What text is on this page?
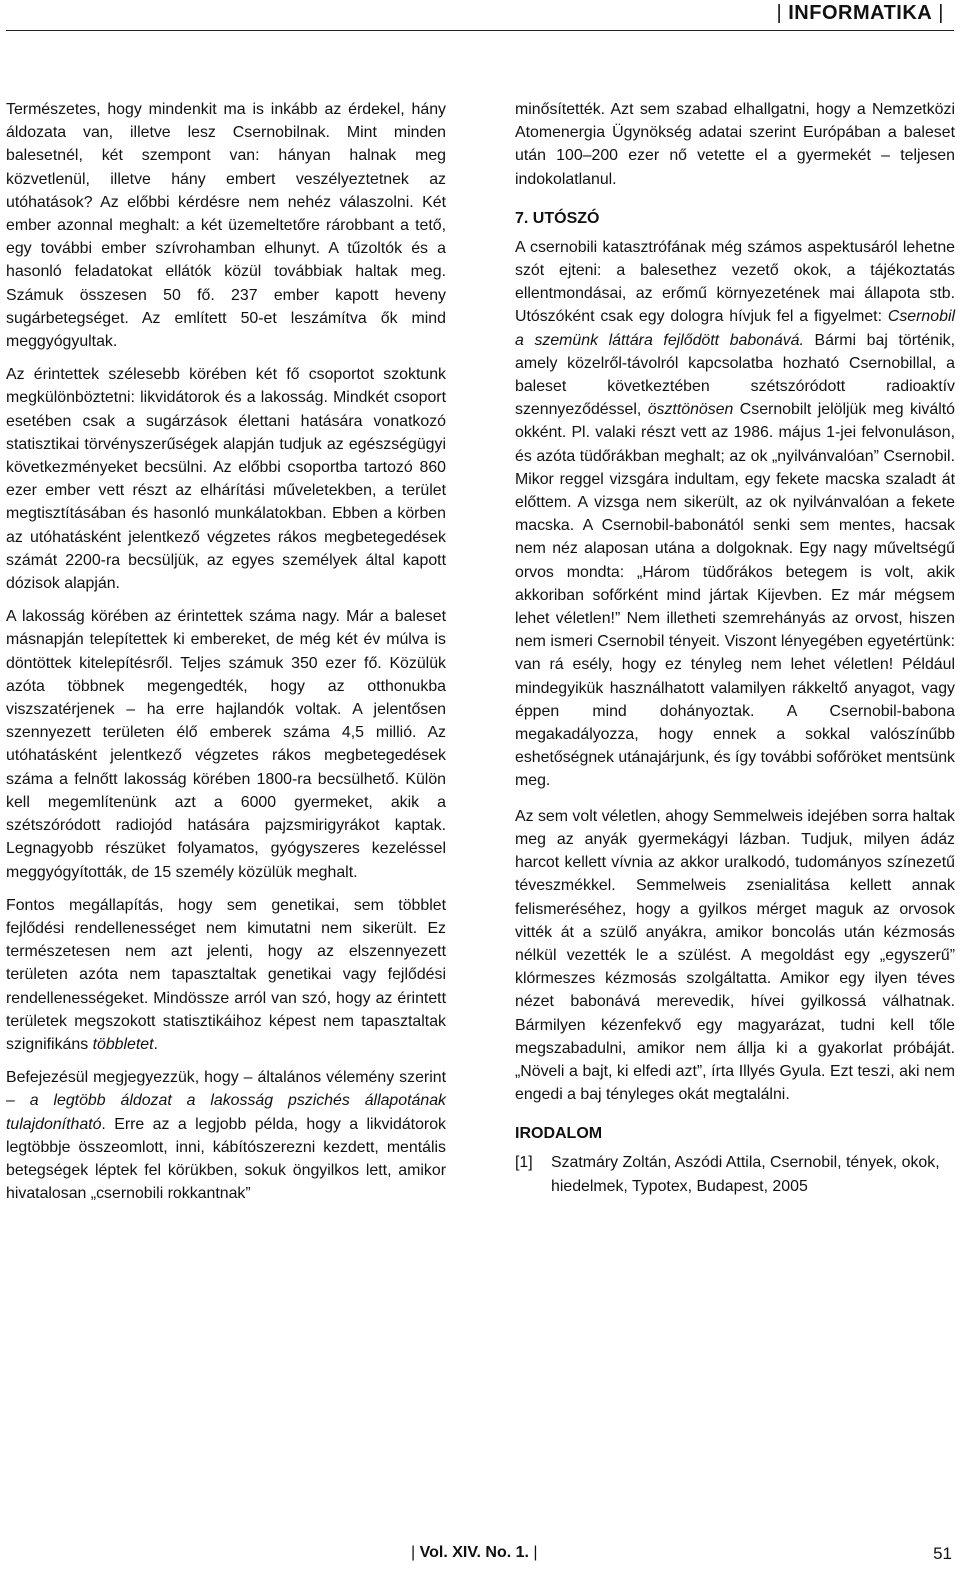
| INFORMATIKA |

Természetes, hogy mindenkit ma is inkább az érdekel, hány áldozata van, illetve lesz Csernobilnak. Mint minden balesetnél, két szempont van: hányan halnak meg közvetlenül, illetve hány embert veszélyeztetnek az utóhatások? Az előbbi kérdésre nem nehéz válaszolni. Két ember azonnal meghalt: a két üzemeltetőre rárobbant a tető, egy további ember szívrohamban elhunyt. A tűzoltók és a hasonló feladatokat ellátók közül továbbiak haltak meg. Számuk összesen 50 fő. 237 ember kapott heveny sugárbetegséget. Az említett 50-et leszámítva ők mind meggyógyultak.

Az érintettek szélesebb körében két fő csoportot szoktunk megkülönböztetni: likvidátorok és a lakosság. Mindkét csoport esetében csak a sugárzások élettani hatására vonatkozó statisztikai törvényszerűségek alapján tudjuk az egészségügyi következményeket becsülni. Az előbbi csoportba tartozó 860 ezer ember vett részt az elhárítási műveletekben, a terület megtisztításában és hasonló munkálatokban. Ebben a körben az utóhatásként jelentkező végzetes rákos megbetegedések számát 2200-ra becsüljük, az egyes személyek által kapott dózisok alapján.

A lakosság körében az érintettek száma nagy. Már a baleset másnapján telepítettek ki embereket, de még két év múlva is döntöttek kitelepítésről. Teljes számuk 350 ezer fő. Közülük azóta többnek megengedték, hogy az otthonukba viszszatérjenek – ha erre hajlandók voltak. A jelentősen szennyezett területen élő emberek száma 4,5 millió. Az utóhatásként jelentkező végzetes rákos megbetegedések száma a felnőtt lakosság körében 1800-ra becsülhető. Külön kell megemlítenünk azt a 6000 gyermeket, akik a szétszóródott radiojód hatására pajzsmirigyrákot kaptak. Legnagyobb részüket folyamatos, gyógyszeres kezeléssel meggyógyították, de 15 személy közülük meghalt.

Fontos megállapítás, hogy sem genetikai, sem többlet fejlődési rendellenességet nem kimutatni nem sikerült. Ez természetesen nem azt jelenti, hogy az elszennyezett területen azóta nem tapasztaltak genetikai vagy fejlődési rendellenességeket. Mindössze arról van szó, hogy az érintett területek megszokott statisztikáihoz képest nem tapasztaltak szignifikáns többletet.

Befejezésül megjegyezzük, hogy – általános vélemény szerint – a legtöbb áldozat a lakosság pszichés állapotának tulajdonítható. Erre az a legjobb példa, hogy a likvidátorok legtöbbje összeomlott, inni, kábítószerezni kezdett, mentális betegségek léptek fel körükben, sokuk öngyilkos lett, amikor hivatalosan „csernobili rokkantnak”

minősítették. Azt sem szabad elhallgatni, hogy a Nemzetközi Atomenergia Ügynökség adatai szerint Európában a baleset után 100–200 ezer nő vetette el a gyermekét – teljesen indokolatlanul.

7. UTÓSZÓ

A csernobili katasztrófának még számos aspektusáról lehetne szót ejteni: a balesethez vezető okok, a tájékoztatás ellentmondásai, az erőmű környezetének mai állapota stb. Utószóként csak egy dologra hívjuk fel a figyelmet: Csernobil a szemünk láttára fejlődött babonává. Bármi baj történik, amely közelről-távolról kapcsolatba hozható Csernobillal, a baleset következtében szétszóródott radioaktív szennyeződéssel, öszttönösen Csernobilt jelöljük meg kiváltó okként. Pl. valaki részt vett az 1986. május 1-jei felvonuláson, és azóta tüdőrákban meghalt; az ok „nyilvánvalóan” Csernobil. Mikor reggel vizsgára indultam, egy fekete macska szaladt át előttem. A vizsga nem sikerült, az ok nyilvánvalóan a fekete macska. A Csernobil-babonától senki sem mentes, hacsak nem néz alaposan utána a dolgoknak. Egy nagy műveltségű orvos mondta: „Három tüdőrákos betegem is volt, akik akkoriban sofőrként mind jártak Kijevben. Ez már mégsem lehet véletlen!” Nem illetheti szemrehányás az orvost, hiszen nem ismeri Csernobil tényeit. Viszont lényegében egyetértünk: van rá esély, hogy ez tényleg nem lehet véletlen! Például mindegyikük használhatott valamilyen rákkeltő anyagot, vagy éppen mind dohányoztak. A Csernobil-babona megakadályozza, hogy ennek a sokkal valószínűbb eshetőségnek utánajárjunk, és így további sofőröket mentsünk meg.

Az sem volt véletlen, ahogy Semmelweis idejében sorra haltak meg az anyák gyermekágyi lázban. Tudjuk, milyen ádáz harcot kellett vívnia az akkor uralkodó, tudományos színezetű téveszmékkel. Semmelweis zsenialitása kellett annak felismeréséhez, hogy a gyilkos mérget maguk az orvosok vitték át a szülő anyákra, amikor boncolás után kézmosás nélkül vezették le a szülést. A megoldást egy „egyszerű” klórmeszes kézmosás szolgáltatta. Amikor egy ilyen téves nézet babonává merevedik, hívei gyilkossá válhatnak. Bármilyen kézenfekvő egy magyarázat, tudni kell tőle megszabadulni, amikor nem állja ki a gyakorlat próbáját. „Növeli a bajt, ki elfedi azt”, írta Illyés Gyula. Ezt teszi, aki nem engedi a baj tényleges okát megtalálni.

IRODALOM
[1]	Szatmáry Zoltán, Aszódi Attila, Csernobil, tények, okok, hiedelmek, Typotex, Budapest, 2005
| Vol. XIV. No. 1. |	51
